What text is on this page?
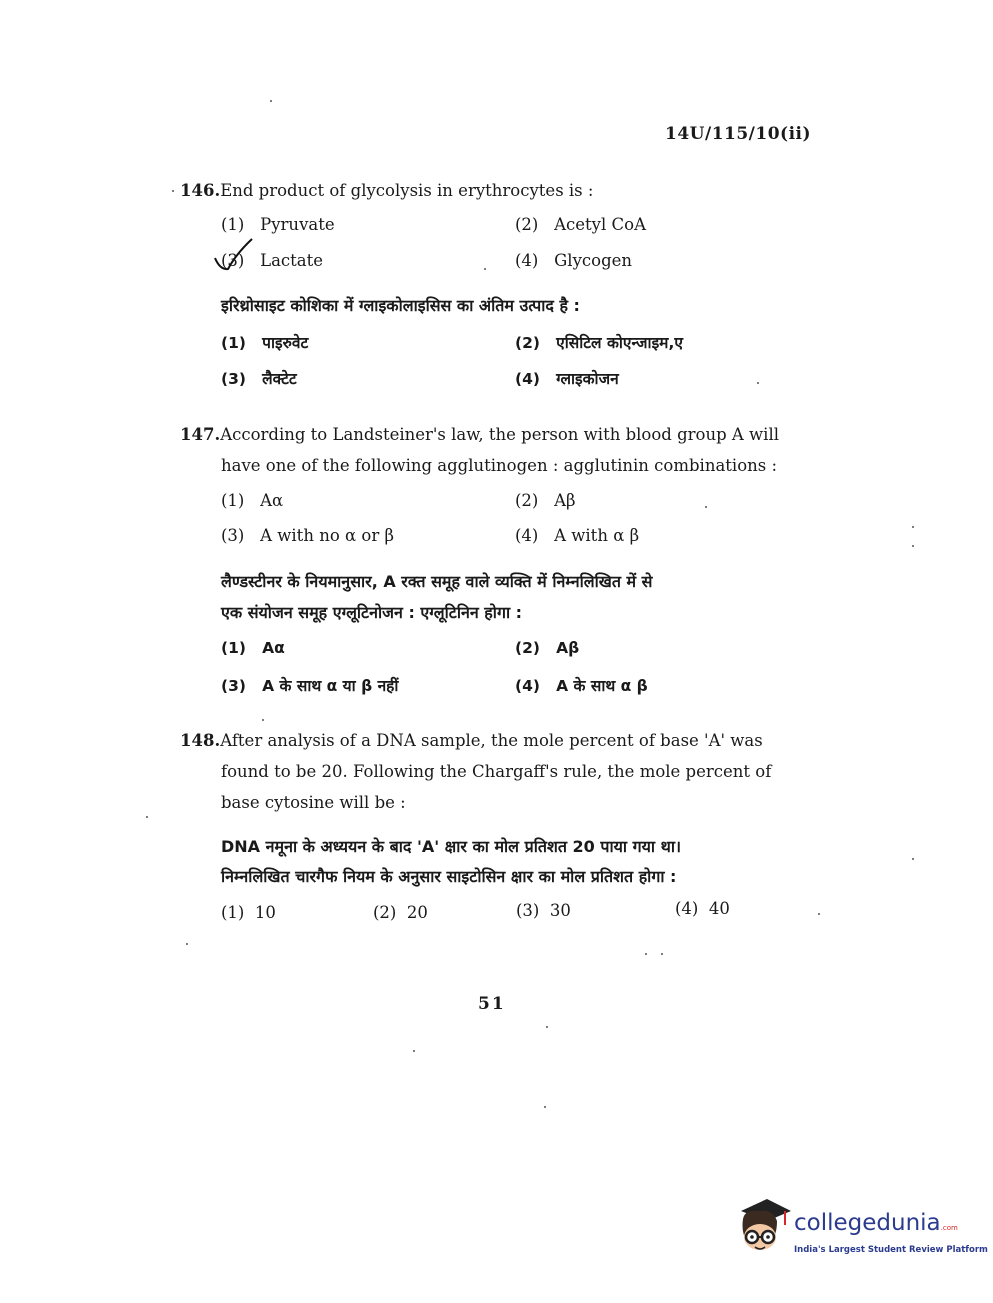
14U/115/10(ii)
146.End product of glycolysis in erythrocytes is :
(1) Pyruvate	(2) Acetyl CoA
(3) Lactate	(4) Glycogen
इरिथ्रोसाइट कोशिका में ग्लाइकोलाइसिस का अंतिम उत्पाद है :
(1) पाइरुवेट	(2) एसिटिल कोएन्जाइम,ए
(3) लैक्टेट	(4) ग्लाइकोजन
147.According to Landsteiner's law, the person with blood group A will
have one of the following agglutinogen : agglutinin combinations :
(1) Aα	(2) Aβ
(3) A with no α or β	(4) A with α β
लैण्डस्टीनर के नियमानुसार, A रक्त समूह वाले व्यक्ति में निम्नलिखित में से
एक संयोजन समूह एग्लूटिनोजन : एग्लूटिनिन होगा :
(1) Aα	(2) Aβ
(3) A के साथ α या β नहीं	(4) A के साथ α β
148.After analysis of a DNA sample, the mole percent of base 'A' was
found to be 20. Following the Chargaff's rule, the mole percent of
base cytosine will be :
DNA नमूना के अध्ययन के बाद 'A' क्षार का मोल प्रतिशत 20 पाया गया था।
निम्नलिखित चारगैफ नियम के अनुसार साइटोसिन क्षार का मोल प्रतिशत होगा :
(1) 10	(2) 20	(3) 30	(4) 40
51
collegedunia.com
India's Largest Student Review Platform
